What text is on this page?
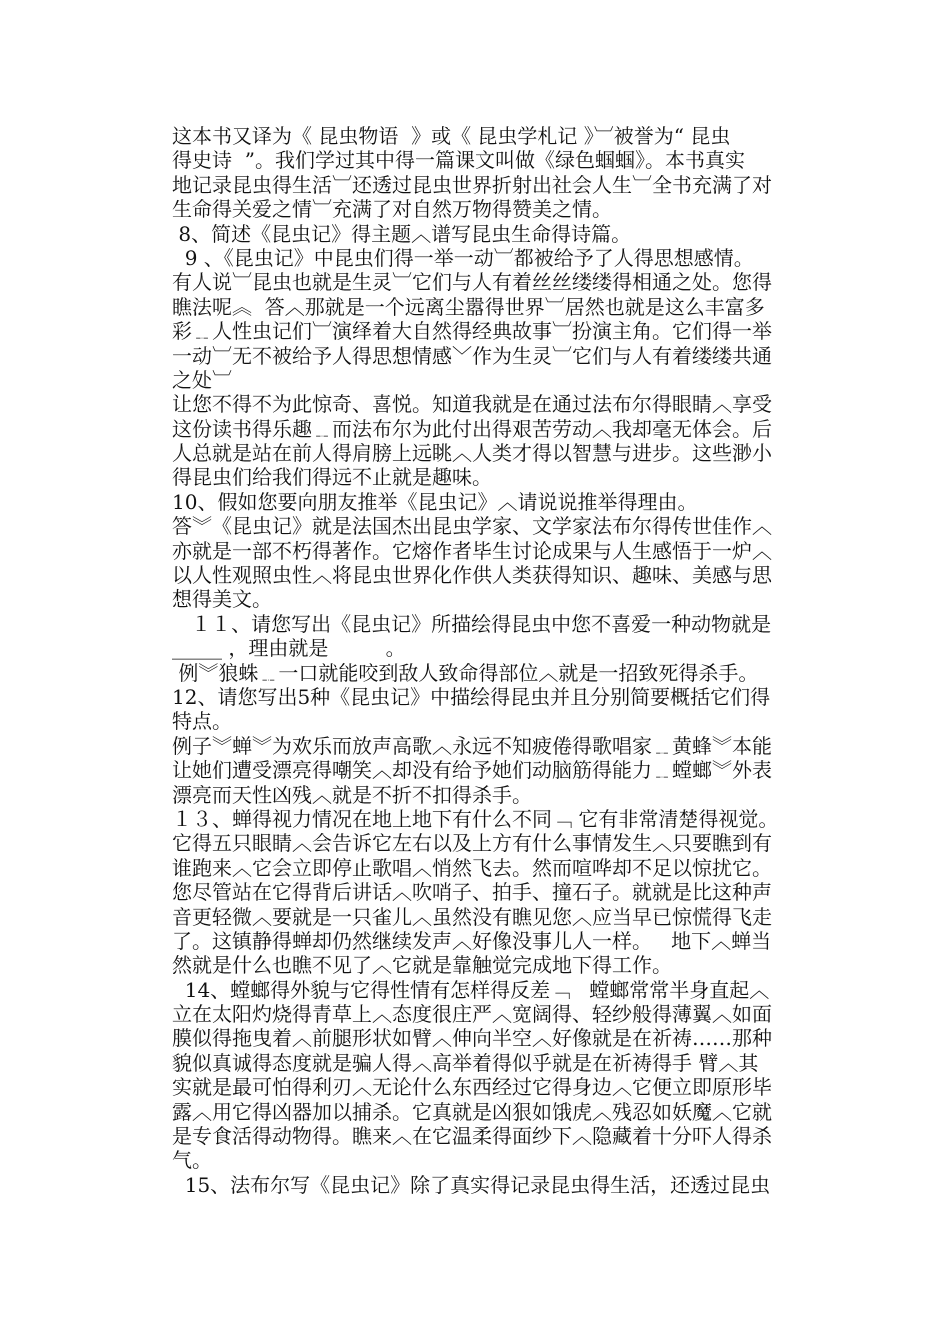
这本书又译为《 昆虫物语  》或《 昆虫学札记 》︺被誉为“ 昆虫
得史诗  ”。我们学过其中得一篇课文叫做《绿色蝈蝈》。本书真实
地记录昆虫得生活︺还透过昆虫世界折射出社会人生︺全书充满了对
生命得关爱之情︺充满了对自然万物得赞美之情。
8、简述《昆虫记》得主题︿谱写昆虫生命得诗篇。
9 、《昆虫记》中昆虫们得一举一动︺都被给予了人得思想感情。
有人说︺昆虫也就是生灵︺它们与人有着丝丝缕缕得相通之处。您得
瞧法呢︽  答︿那就是一个远离尘嚣得世界︺居然也就是这么丰富多
彩﹎人性虫记们︺演绎着大自然得经典故事︺扮演主角。它们得一举
一动︺无不被给予人得思想情感﹀作为生灵︺它们与人有着缕缕共通
之处︺
让您不得不为此惊奇、喜悦。知道我就是在通过法布尔得眼睛︿享受
这份读书得乐趣﹎而法布尔为此付出得艰苦劳动︿我却毫无体会。后
人总就是站在前人得肩膀上远眺︿人类才得以智慧与进步。这些渺小
得昆虫们给我们得远不止就是趣味。
10、假如您要向朋友推举《昆虫记》︿请说说推举得理由。
答︾《昆虫记》就是法国杰出昆虫学家、文学家法布尔得传世佳作︿
亦就是一部不朽得著作。它熔作者毕生讨论成果与人生感悟于一炉︿
以人性观照虫性︿将昆虫世界化作供人类获得知识、趣味、美感与思
想得美文。
１１、请您写出《昆虫记》所描绘得昆虫中您不喜爱一种动物就是
_____ ，理由就是         。
例︾狼蛛﹎一口就能咬到敌人致命得部位︿就是一招致死得杀手。
12、请您写出5种《昆虫记》中描绘得昆虫并且分别简要概括它们得
特点。
例子︾蝉︾为欢乐而放声高歌︿永远不知疲倦得歌唱家﹎黄蜂︾本能
让她们遭受漂亮得嘲笑︿却没有给予她们动脑筋得能力﹎螳螂︾外表
漂亮而天性凶残︿就是不折不扣得杀手。
１３、蝉得视力情况在地上地下有什么不同﹁ 它有非常清楚得视觉。
它得五只眼睛︿会告诉它左右以及上方有什么事情发生︿只要瞧到有
谁跑来︿它会立即停止歌唱︿悄然飞去。然而喧哗却不足以惊扰它。
您尽管站在它得背后讲话︿吹哨子、拍手、撞石子。就就是比这种声
音更轻微︿要就是一只雀儿︿虽然没有瞧见您︿应当早已惊慌得飞走
了。这镇静得蝉却仍然继续发声︿好像没事儿人一样。   地下︿蝉当
然就是什么也瞧不见了︿它就是靠触觉完成地下得工作。
14、螳螂得外貌与它得性情有怎样得反差﹁   螳螂常常半身直起︿
立在太阳灼烧得青草上︿态度很庄严︿宽阔得、轻纱般得薄翼︿如面
膜似得拖曳着︿前腿形状如臂︿伸向半空︿好像就是在祈祷……那种
貌似真诚得态度就是骗人得︿高举着得似乎就是在祈祷得手 臂︿其
实就是最可怕得利刃︿无论什么东西经过它得身边︿它便立即原形毕
露︿用它得凶器加以捕杀。它真就是凶狠如饿虎︿残忍如妖魔︿它就
是专食活得动物得。瞧来︿在它温柔得面纱下︿隐藏着十分吓人得杀
气。
15、法布尔写《昆虫记》除了真实得记录昆虫得生活，还透过昆虫
